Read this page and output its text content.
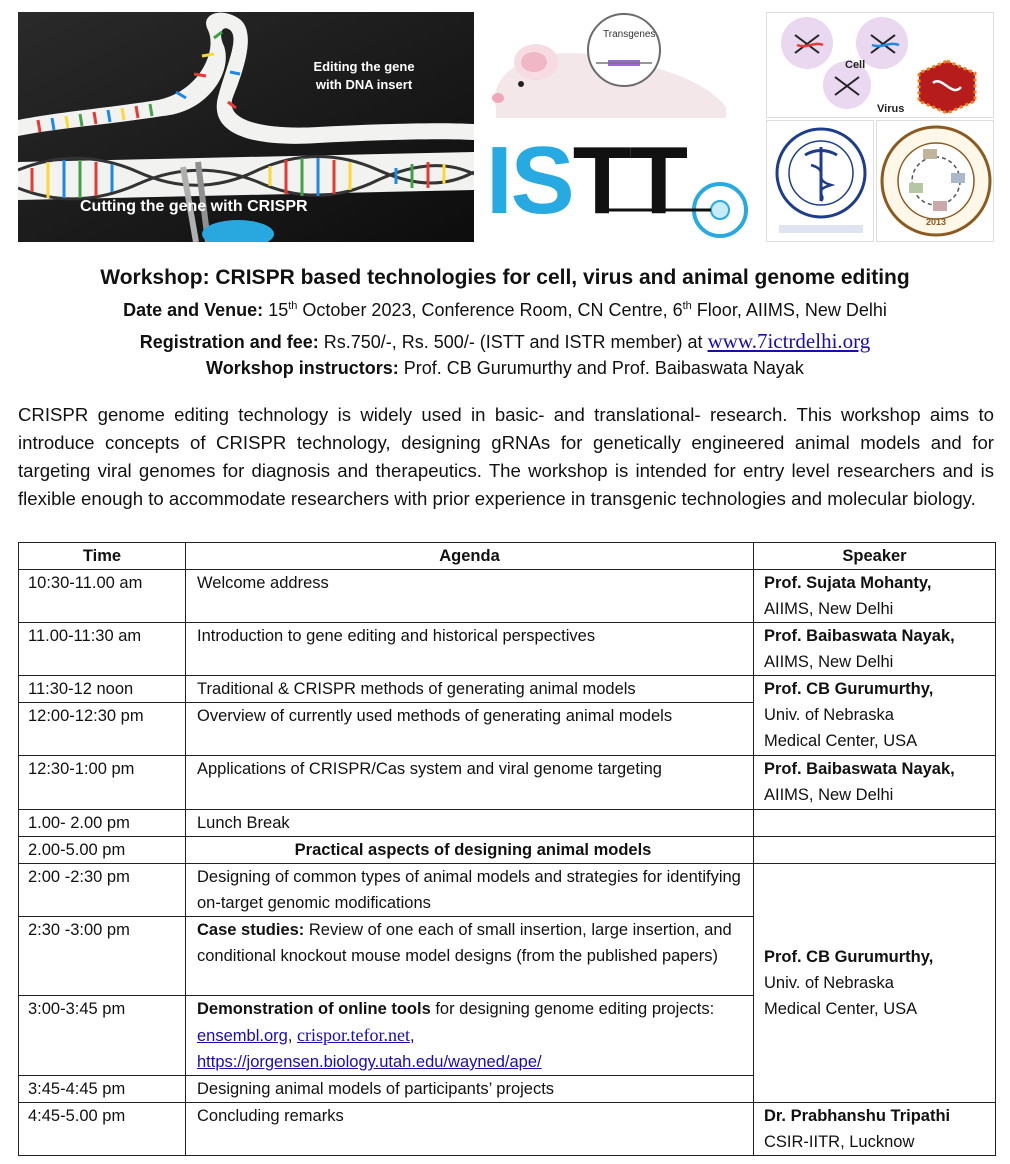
Editing the gene with DNA insert
Cutting the gene with CRISPR
Transgenes
Cell
Virus
ISTT	2013
Workshop: CRISPR based technologies for cell, virus and animal genome editing
Date and Venue: 15th October 2023, Conference Room, CN Centre, 6th Floor, AIIMS, New Delhi
Registration and fee: Rs.750/-, Rs. 500/- (ISTT and ISTR member) at www.7ictrdelhi.org
Workshop instructors: Prof. CB Gurumurthy and Prof. Baibaswata Nayak

CRISPR genome editing technology is widely used in basic- and translational- research. This workshop aims to introduce concepts of CRISPR technology, designing gRNAs for genetically engineered animal models and for targeting viral genomes for diagnosis and therapeutics. The workshop is intended for entry level researchers and is flexible enough to accommodate researchers with prior experience in transgenic technologies and molecular biology.

Time	Agenda	Speaker
10:30-11.00 am	Welcome address	Prof. Sujata Mohanty,
AIIMS, New Delhi

11.00-11:30 am	Introduction to gene editing and historical perspectives	Prof. Baibaswata Nayak,
AIIMS, New Delhi

11:30-12 noon	Traditional & CRISPR methods of generating animal models	Prof. CB Gurumurthy,
Univ. of Nebraska
Medical Center, USA

12:00-12:30 pm	Overview of currently used methods of generating animal models	
12:30-1:00 pm	Applications of CRISPR/Cas system and viral genome targeting	Prof. Baibaswata Nayak,
AIIMS, New Delhi

1.00- 2.00 pm	Lunch Break	
2.00-5.00 pm	Practical aspects of designing animal models	
2:00 -2:30 pm	Designing of common types of animal models and strategies for identifying on-target genomic modifications	Prof. CB Gurumurthy,
Univ. of Nebraska
Medical Center, USA

2:30 -3:00 pm	Case studies: Review of one each of small insertion, large insertion, and conditional knockout mouse model designs (from the published papers)	
3:00-3:45 pm	Demonstration of online tools for designing genome editing projects: ensembl.org, crispor.tefor.net,
https://jorgensen.biology.utah.edu/wayned/ape/	
3:45-4:45 pm	Designing animal models of participants’ projects	
4:45-5.00 pm	Concluding remarks	Dr. Prabhanshu Tripathi
CSIR-IITR, Lucknow
